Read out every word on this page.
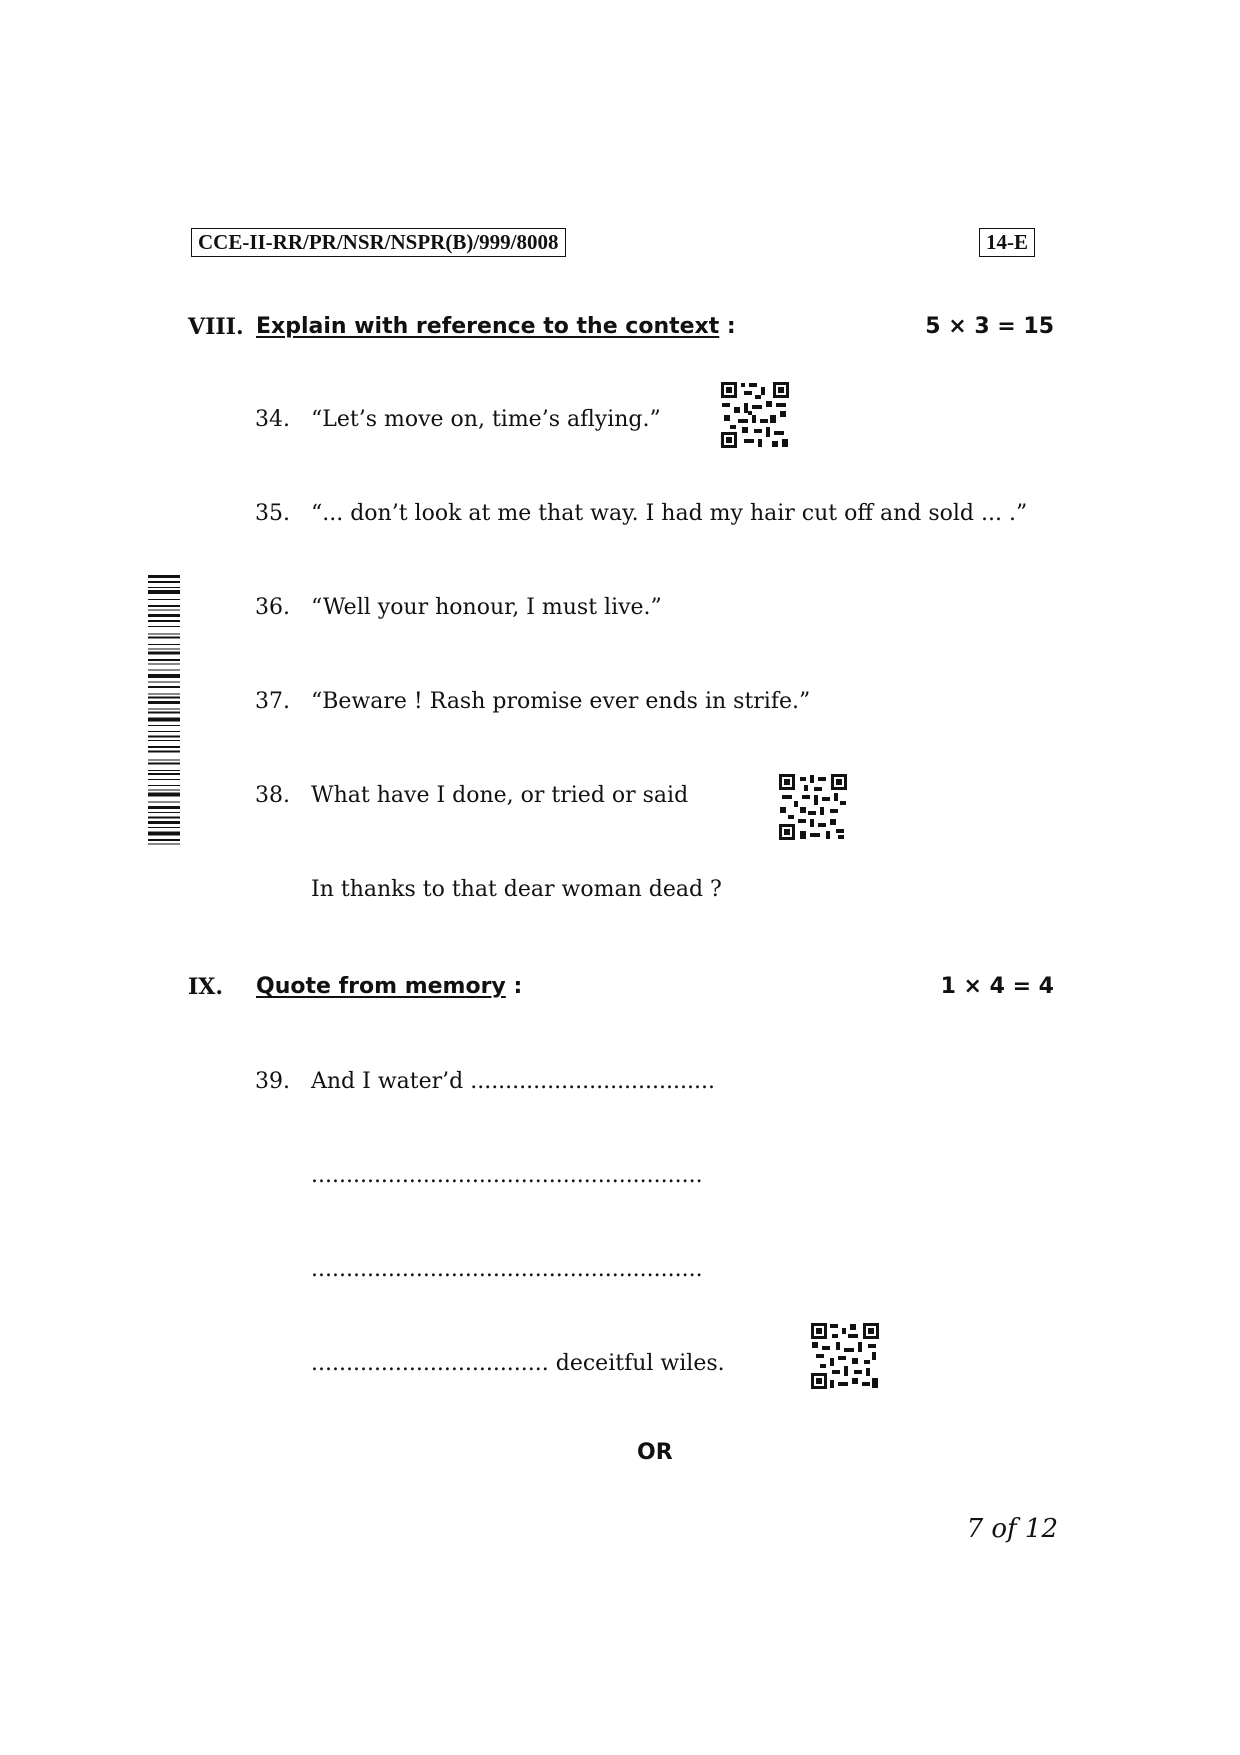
CCE-II-RR/PR/NSR/NSPR(B)/999/8008	14-E
VIII. Explain with reference to the context :	5 × 3 = 15
34. “Let’s move on, time’s aflying.”
35. “... don’t look at me that way. I had my hair cut off and sold ... .”
36. “Well your honour, I must live.”
37. “Beware ! Rash promise ever ends in strife.”
38. What have I done, or tried or said
In thanks to that dear woman dead ?
IX. Quote from memory :	1 × 4 = 4
39. And I water’d ...................................
........................................................
........................................................
.................................. deceitful wiles.
OR
7 of 12
